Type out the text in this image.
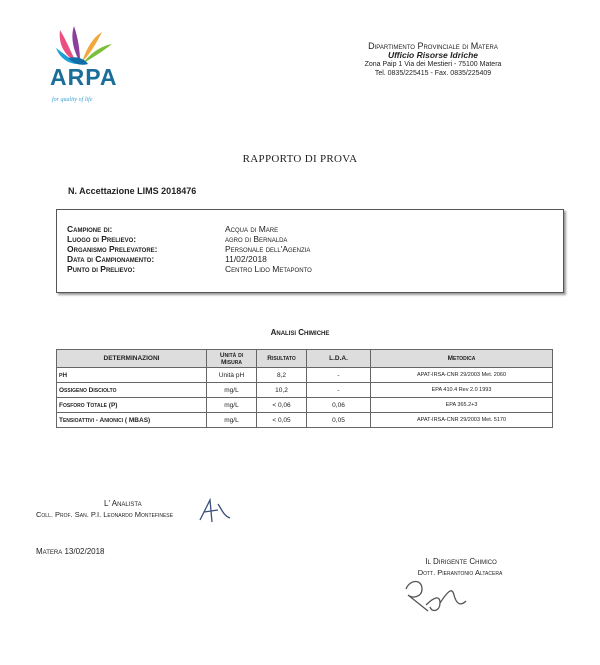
ARPA
for quality of life
Dipartimento Provinciale di Matera
Ufficio Risorse Idriche
Zona Paip 1 Via dei Mestieri - 75100 Matera
Tel. 0835/225415 - Fax. 0835/225409
RAPPORTO DI PROVA
N. Accettazione LIMS 2018476
Campione di:	Acqua di Mare
Luogo di Prelievo:	agro di Bernalda
Organismo Prelevatore:	Personale dell'Agenzia
Data di Campionamento:	11/02/2018
Punto di Prelievo:	Centro Lido Metaponto
Analisi Chimiche
DETERMINAZIONI	Unità di Misura	Risultato	L.D.A.	Metodica
pH	Unità pH	8,2	-	APAT-IRSA-CNR 29/2003 Met. 2060
Ossigeno Disciolto	mg/L	10,2	-	EPA 410.4 Rev 2.0 1993
Fosforo Totale (P)	mg/L	< 0,06	0,06	EPA 365.2+3
Tensioattivi - Anionici ( MBAS)	mg/L	< 0,05	0,05	APAT-IRSA-CNR 29/2003 Met. 5170
L' Analista
Coll. Prof. San. P.I. Leonardo Montefinese
Matera 13/02/2018
Il Dirigente Chimico
Dott. Pierantonio Altacera
